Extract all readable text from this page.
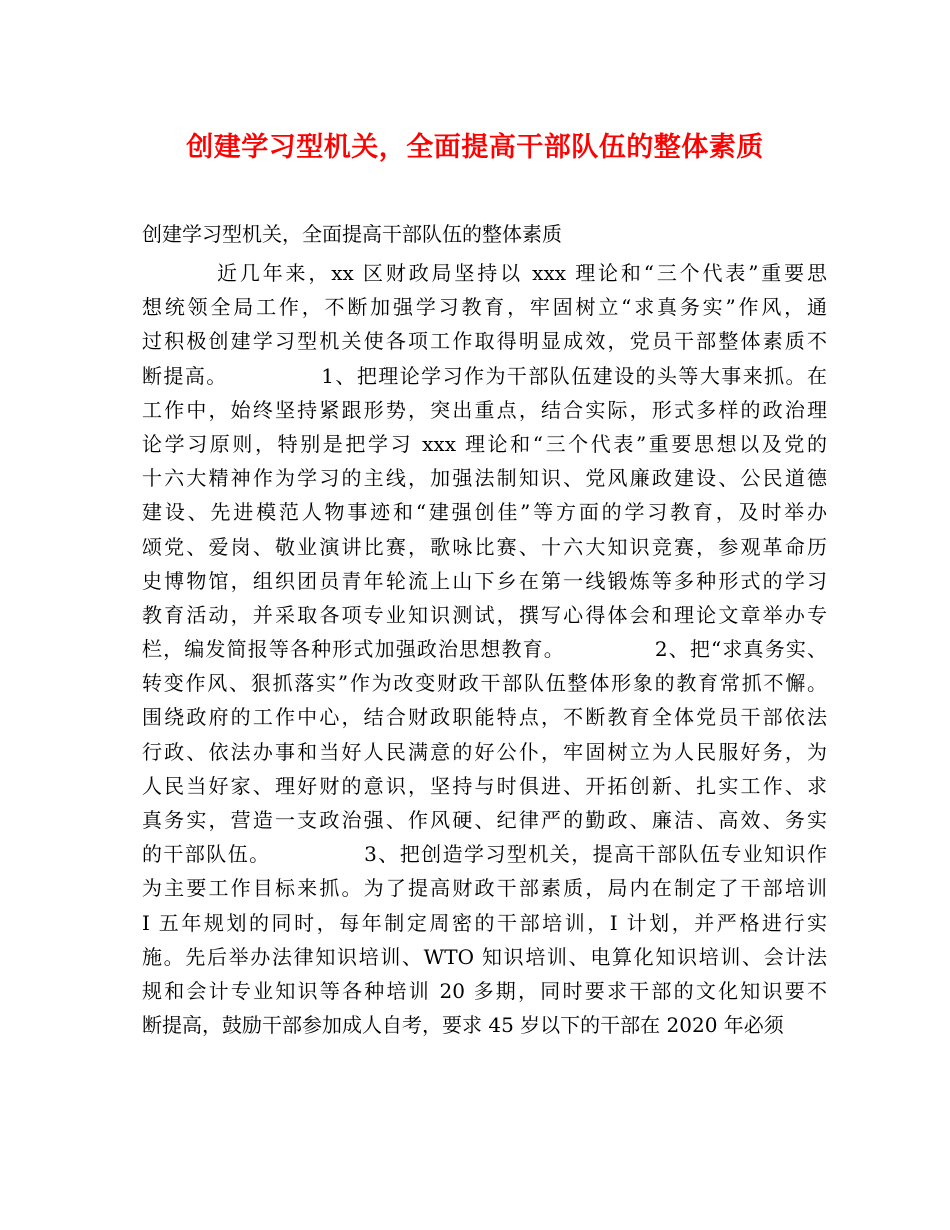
创建学习型机关，全面提高干部队伍的整体素质
创建学习型机关，全面提高干部队伍的整体素质
近几年来，xx 区财政局坚持以 xxx 理论和“三个代表”重要思
想统领全局工作，不断加强学习教育，牢固树立“求真务实”作风，通
过积极创建学习型机关使各项工作取得明显成效，党员干部整体素质不
断提高。            1、把理论学习作为干部队伍建设的头等大事来抓。在
工作中，始终坚持紧跟形势，突出重点，结合实际，形式多样的政治理
论学习原则，特别是把学习 xxx 理论和“三个代表”重要思想以及党的
十六大精神作为学习的主线，加强法制知识、党风廉政建设、公民道德
建设、先进模范人物事迹和“建强创佳”等方面的学习教育，及时举办
颂党、爱岗、敬业演讲比赛，歌咏比赛、十六大知识竞赛，参观革命历
史博物馆，组织团员青年轮流上山下乡在第一线锻炼等多种形式的学习
教育活动，并采取各项专业知识测试，撰写心得体会和理论文章举办专
栏，编发简报等各种形式加强政治思想教育。            2、把“求真务实、
转变作风、狠抓落实”作为改变财政干部队伍整体形象的教育常抓不懈。
围绕政府的工作中心，结合财政职能特点，不断教育全体党员干部依法
行政、依法办事和当好人民满意的好公仆，牢固树立为人民服好务，为
人民当好家、理好财的意识，坚持与时俱进、开拓创新、扎实工作、求
真务实，营造一支政治强、作风硬、纪律严的勤政、廉洁、高效、务实
的干部队伍。            3、把创造学习型机关，提高干部队伍专业知识作
为主要工作目标来抓。为了提高财政干部素质，局内在制定了干部培训
I 五年规划的同时，每年制定周密的干部培训，I 计划，并严格进行实
施。先后举办法律知识培训、WTO 知识培训、电算化知识培训、会计法
规和会计专业知识等各种培训 20 多期，同时要求干部的文化知识要不
断提高，鼓励干部参加成人自考，要求 45 岁以下的干部在 2020 年必须
